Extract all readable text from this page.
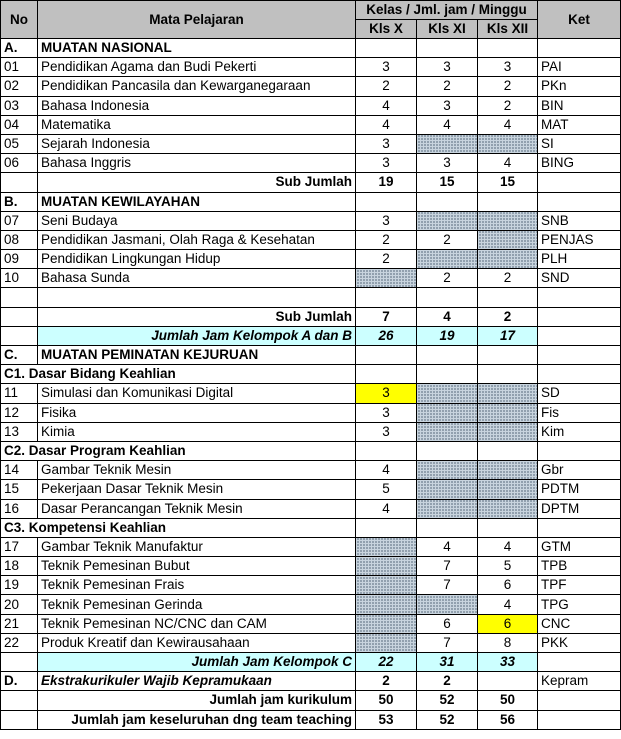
No	Mata Pelajaran	Kelas / Jml. jam / Minggu			Ket
		Kls X	Kls XI	Kls XII	
A.	MUATAN NASIONAL				
01	Pendidikan Agama dan Budi Pekerti	3	3	3	PAI
02	Pendidikan Pancasila dan Kewarganegaraan	2	2	2	PKn
03	Bahasa Indonesia	4	3	2	BIN
04	Matematika	4	4	4	MAT
05	Sejarah Indonesia	3			SI
06	Bahasa Inggris	3	3	4	BING
	Sub Jumlah	19	15	15	
B.	MUATAN KEWILAYAHAN				
07	Seni Budaya	3			SNB
08	Pendidikan Jasmani, Olah Raga & Kesehatan	2	2		PENJAS
09	Pendidikan Lingkungan Hidup	2			PLH
10	Bahasa Sunda		2	2	SND

	Sub Jumlah	7	4	2	
	Jumlah Jam Kelompok A dan B	26	19	17	
C.	MUATAN PEMINATAN KEJURUAN				
C1. Dasar Bidang Keahlian					
11	Simulasi dan Komunikasi Digital	3			SD
12	Fisika	3			Fis
13	Kimia	3			Kim
C2. Dasar Program Keahlian					
14	Gambar Teknik Mesin	4			Gbr
15	Pekerjaan Dasar Teknik Mesin	5			PDTM
16	Dasar Perancangan Teknik Mesin	4			DPTM
C3. Kompetensi Keahlian					
17	Gambar Teknik Manufaktur		4	4	GTM
18	Teknik Pemesinan Bubut		7	5	TPB
19	Teknik Pemesinan Frais		7	6	TPF
20	Teknik Pemesinan Gerinda			4	TPG
21	Teknik Pemesinan NC/CNC dan CAM		6	6	CNC
22	Produk Kreatif dan Kewirausahaan		7	8	PKK
	Jumlah Jam Kelompok C	22	31	33	
D.	Ekstrakurikuler Wajib Kepramukaan	2	2		Kepram
	Jumlah jam kurikulum	50	52	50	
	Jumlah jam keseluruhan dng team teaching	53	52	56	
